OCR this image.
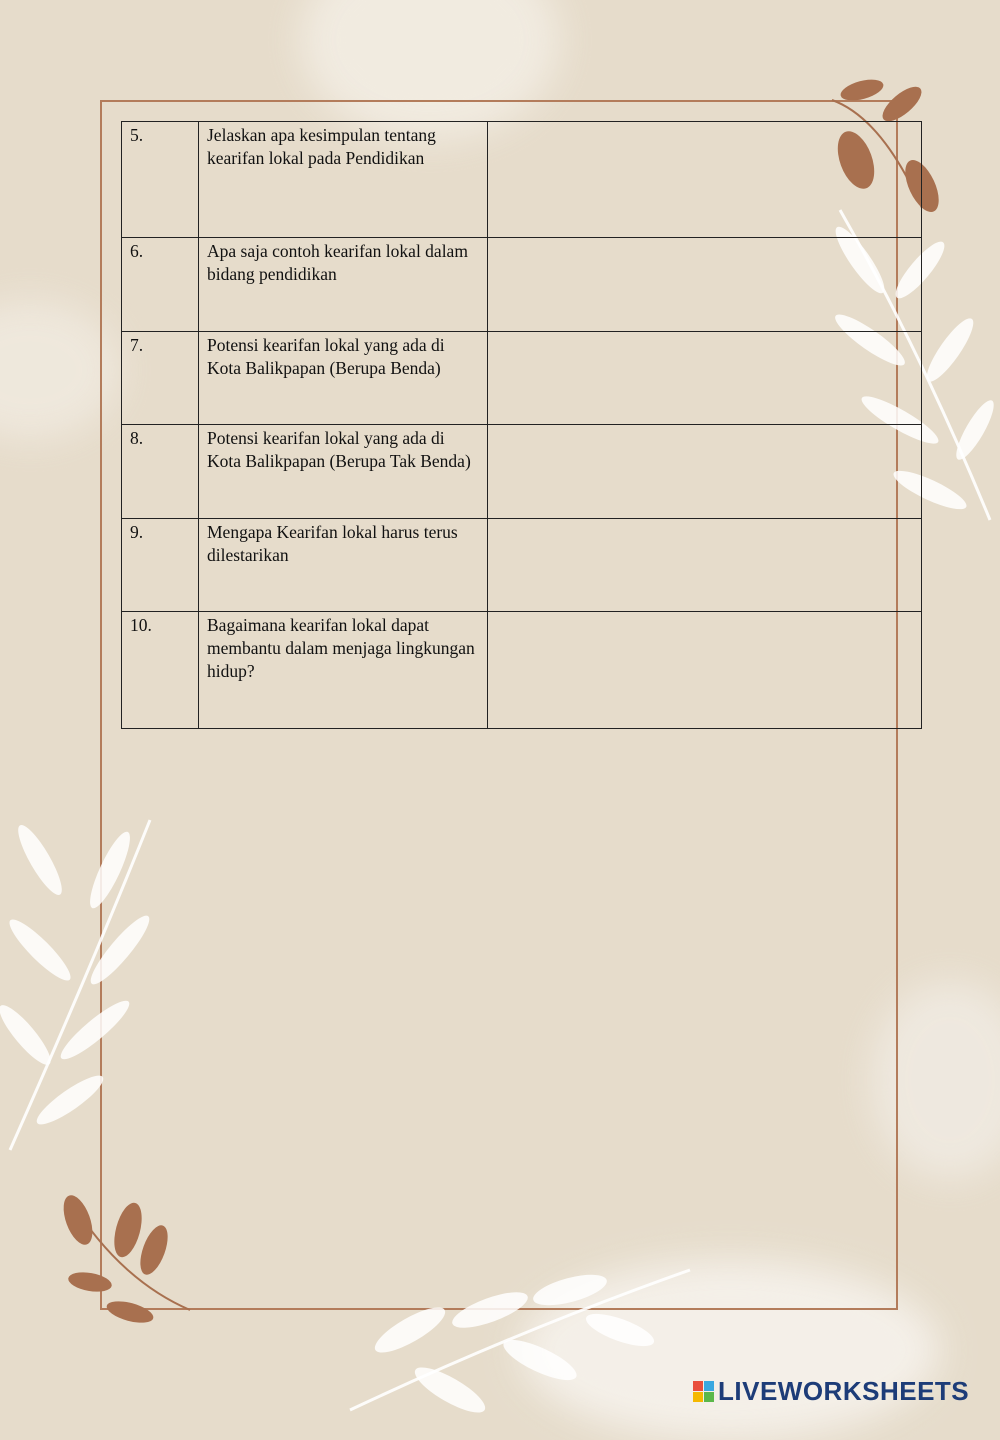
5.	Jelaskan apa kesimpulan tentang kearifan lokal pada Pendidikan	

6.	Apa saja contoh kearifan lokal dalam bidang pendidikan	

7.	Potensi kearifan lokal yang ada di Kota Balikpapan (Berupa Benda)	

8.	Potensi kearifan lokal yang ada di Kota Balikpapan (Berupa Tak Benda)	

9.	Mengapa Kearifan lokal harus terus dilestarikan	

10.	Bagaimana kearifan lokal dapat membantu dalam menjaga lingkungan hidup?	
LIVEWORKSHEETS
